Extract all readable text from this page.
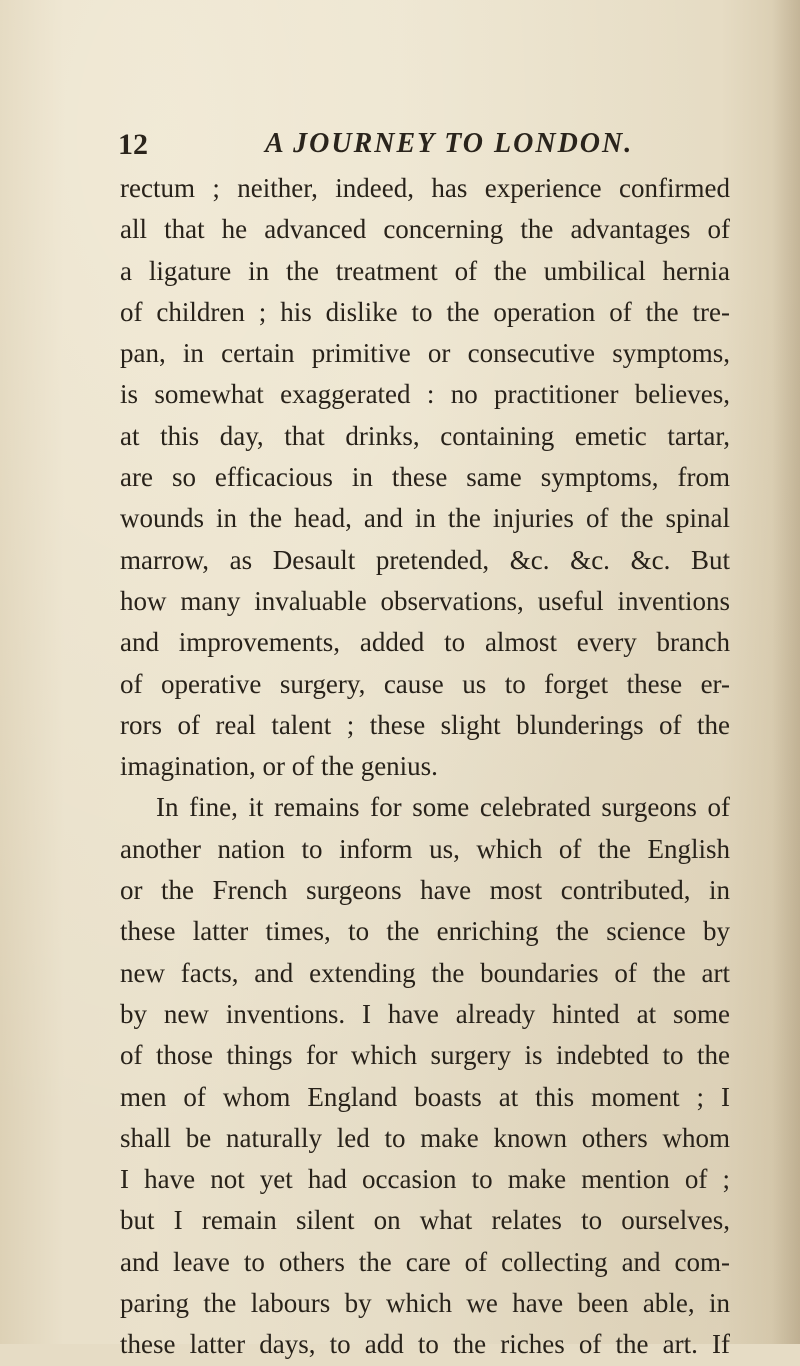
12	A JOURNEY TO LONDON.
rectum ; neither, indeed, has experience confirmed
all that he advanced concerning the advantages of
a ligature in the treatment of the umbilical hernia
of children ; his dislike to the operation of the tre-
pan, in certain primitive or consecutive symptoms,
is somewhat exaggerated : no practitioner believes,
at this day, that drinks, containing emetic tartar,
are so efficacious in these same symptoms, from
wounds in the head, and in the injuries of the spinal
marrow, as Desault pretended, &c. &c. &c. But
how many invaluable observations, useful inventions
and improvements, added to almost every branch
of operative surgery, cause us to forget these er-
rors of real talent ; these slight blunderings of the
imagination, or of the genius.
In fine, it remains for some celebrated surgeons of
another nation to inform us, which of the English
or the French surgeons have most contributed, in
these latter times, to the enriching the science by
new facts, and extending the boundaries of the art
by new inventions. I have already hinted at some
of those things for which surgery is indebted to the
men of whom England boasts at this moment ; I
shall be naturally led to make known others whom
I have not yet had occasion to make mention of ;
but I remain silent on what relates to ourselves,
and leave to others the care of collecting and com-
paring the labours by which we have been able, in
these latter days, to add to the riches of the art. If
